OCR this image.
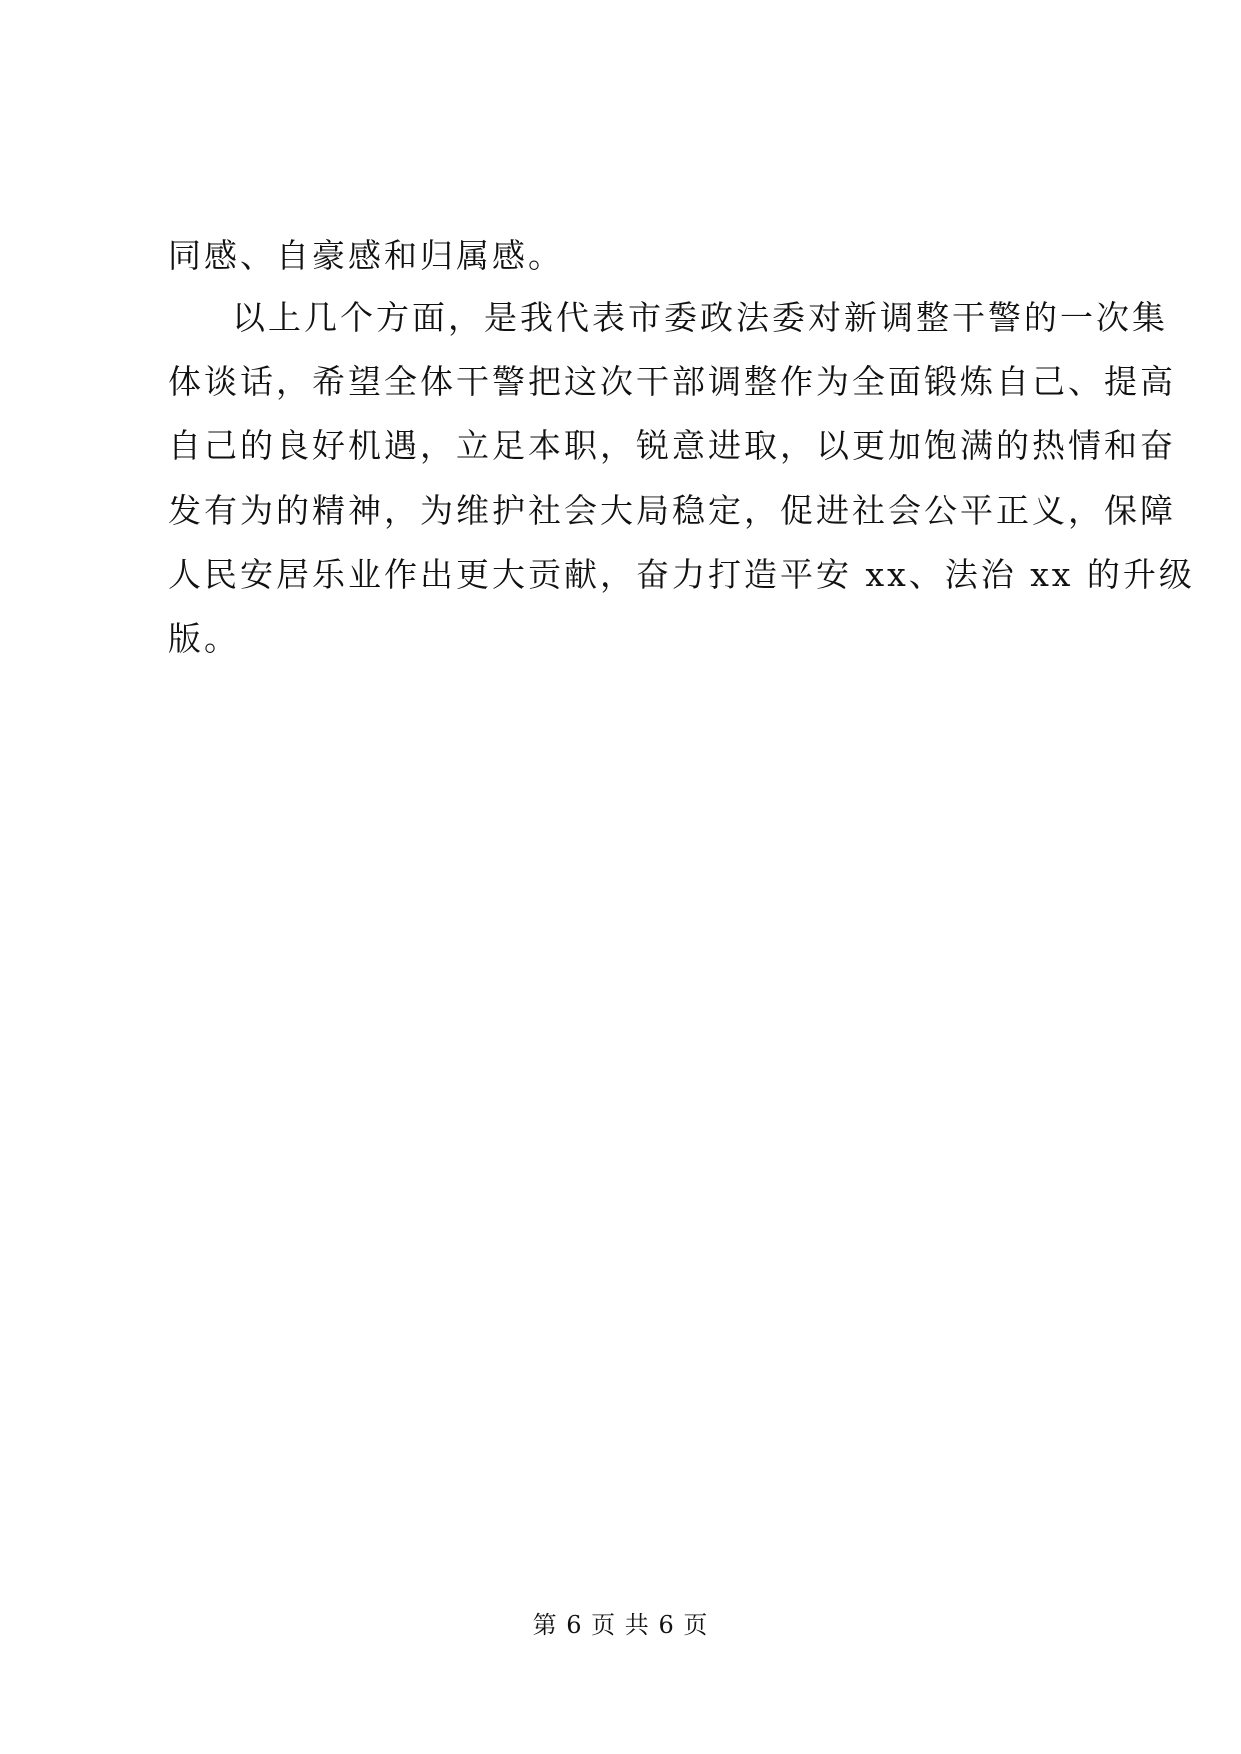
同感、自豪感和归属感。
以上几个方面，是我代表市委政法委对新调整干警的一次集
体谈话，希望全体干警把这次干部调整作为全面锻炼自己、提高
自己的良好机遇，立足本职，锐意进取，以更加饱满的热情和奋
发有为的精神，为维护社会大局稳定，促进社会公平正义，保障
人民安居乐业作出更大贡献，奋力打造平安 xx、法治 xx 的升级
版。
第 6 页 共 6 页
